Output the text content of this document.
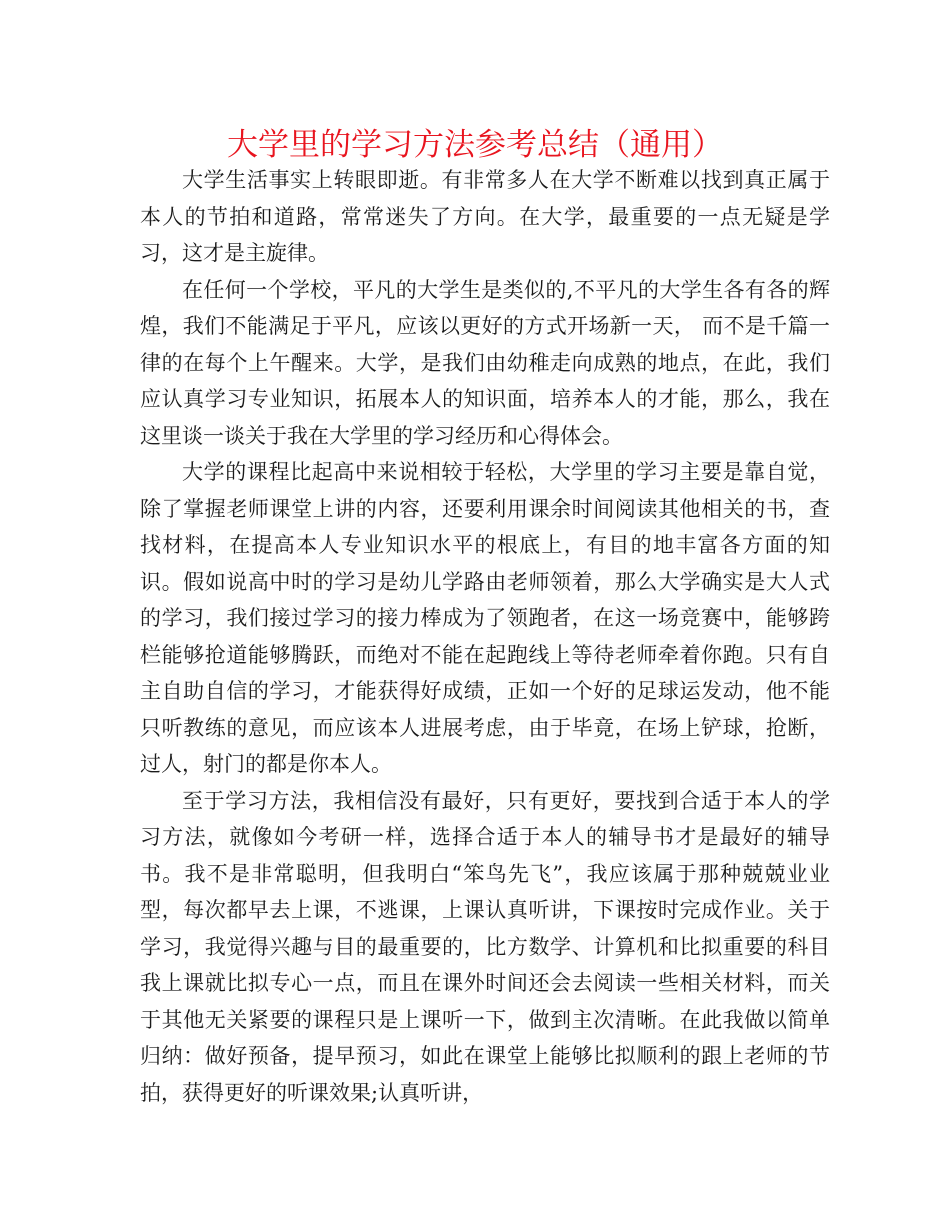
大学里的学习方法参考总结（通用）

大学生活事实上转眼即逝。有非常多人在大学不断难以找到真正属于本人的节拍和道路，常常迷失了方向。在大学，最重要的一点无疑是学习，这才是主旋律。

在任何一个学校，平凡的大学生是类似的,不平凡的大学生各有各的辉煌，我们不能满足于平凡，应该以更好的方式开场新一天， 而不是千篇一律的在每个上午醒来。大学，是我们由幼稚走向成熟的地点，在此，我们应认真学习专业知识，拓展本人的知识面，培养本人的才能，那么，我在这里谈一谈关于我在大学里的学习经历和心得体会。

大学的课程比起高中来说相较于轻松，大学里的学习主要是靠自觉，除了掌握老师课堂上讲的内容，还要利用课余时间阅读其他相关的书，查找材料，在提高本人专业知识水平的根底上，有目的地丰富各方面的知识。假如说高中时的学习是幼儿学路由老师领着，那么大学确实是大人式的学习，我们接过学习的接力棒成为了领跑者，在这一场竞赛中，能够跨栏能够抢道能够腾跃，而绝对不能在起跑线上等待老师牵着你跑。只有自主自助自信的学习，才能获得好成绩，正如一个好的足球运发动，他不能只听教练的意见，而应该本人进展考虑，由于毕竟，在场上铲球，抢断，过人，射门的都是你本人。

至于学习方法，我相信没有最好，只有更好，要找到合适于本人的学习方法，就像如今考研一样，选择合适于本人的辅导书才是最好的辅导书。我不是非常聪明，但我明白“笨鸟先飞”，我应该属于那种兢兢业业型，每次都早去上课，不逃课，上课认真听讲，下课按时完成作业。关于学习，我觉得兴趣与目的最重要的，比方数学、计算机和比拟重要的科目我上课就比拟专心一点，而且在课外时间还会去阅读一些相关材料，而关于其他无关紧要的课程只是上课听一下，做到主次清晰。在此我做以简单归纳：做好预备，提早预习，如此在课堂上能够比拟顺利的跟上老师的节拍，获得更好的听课效果;认真听讲，
